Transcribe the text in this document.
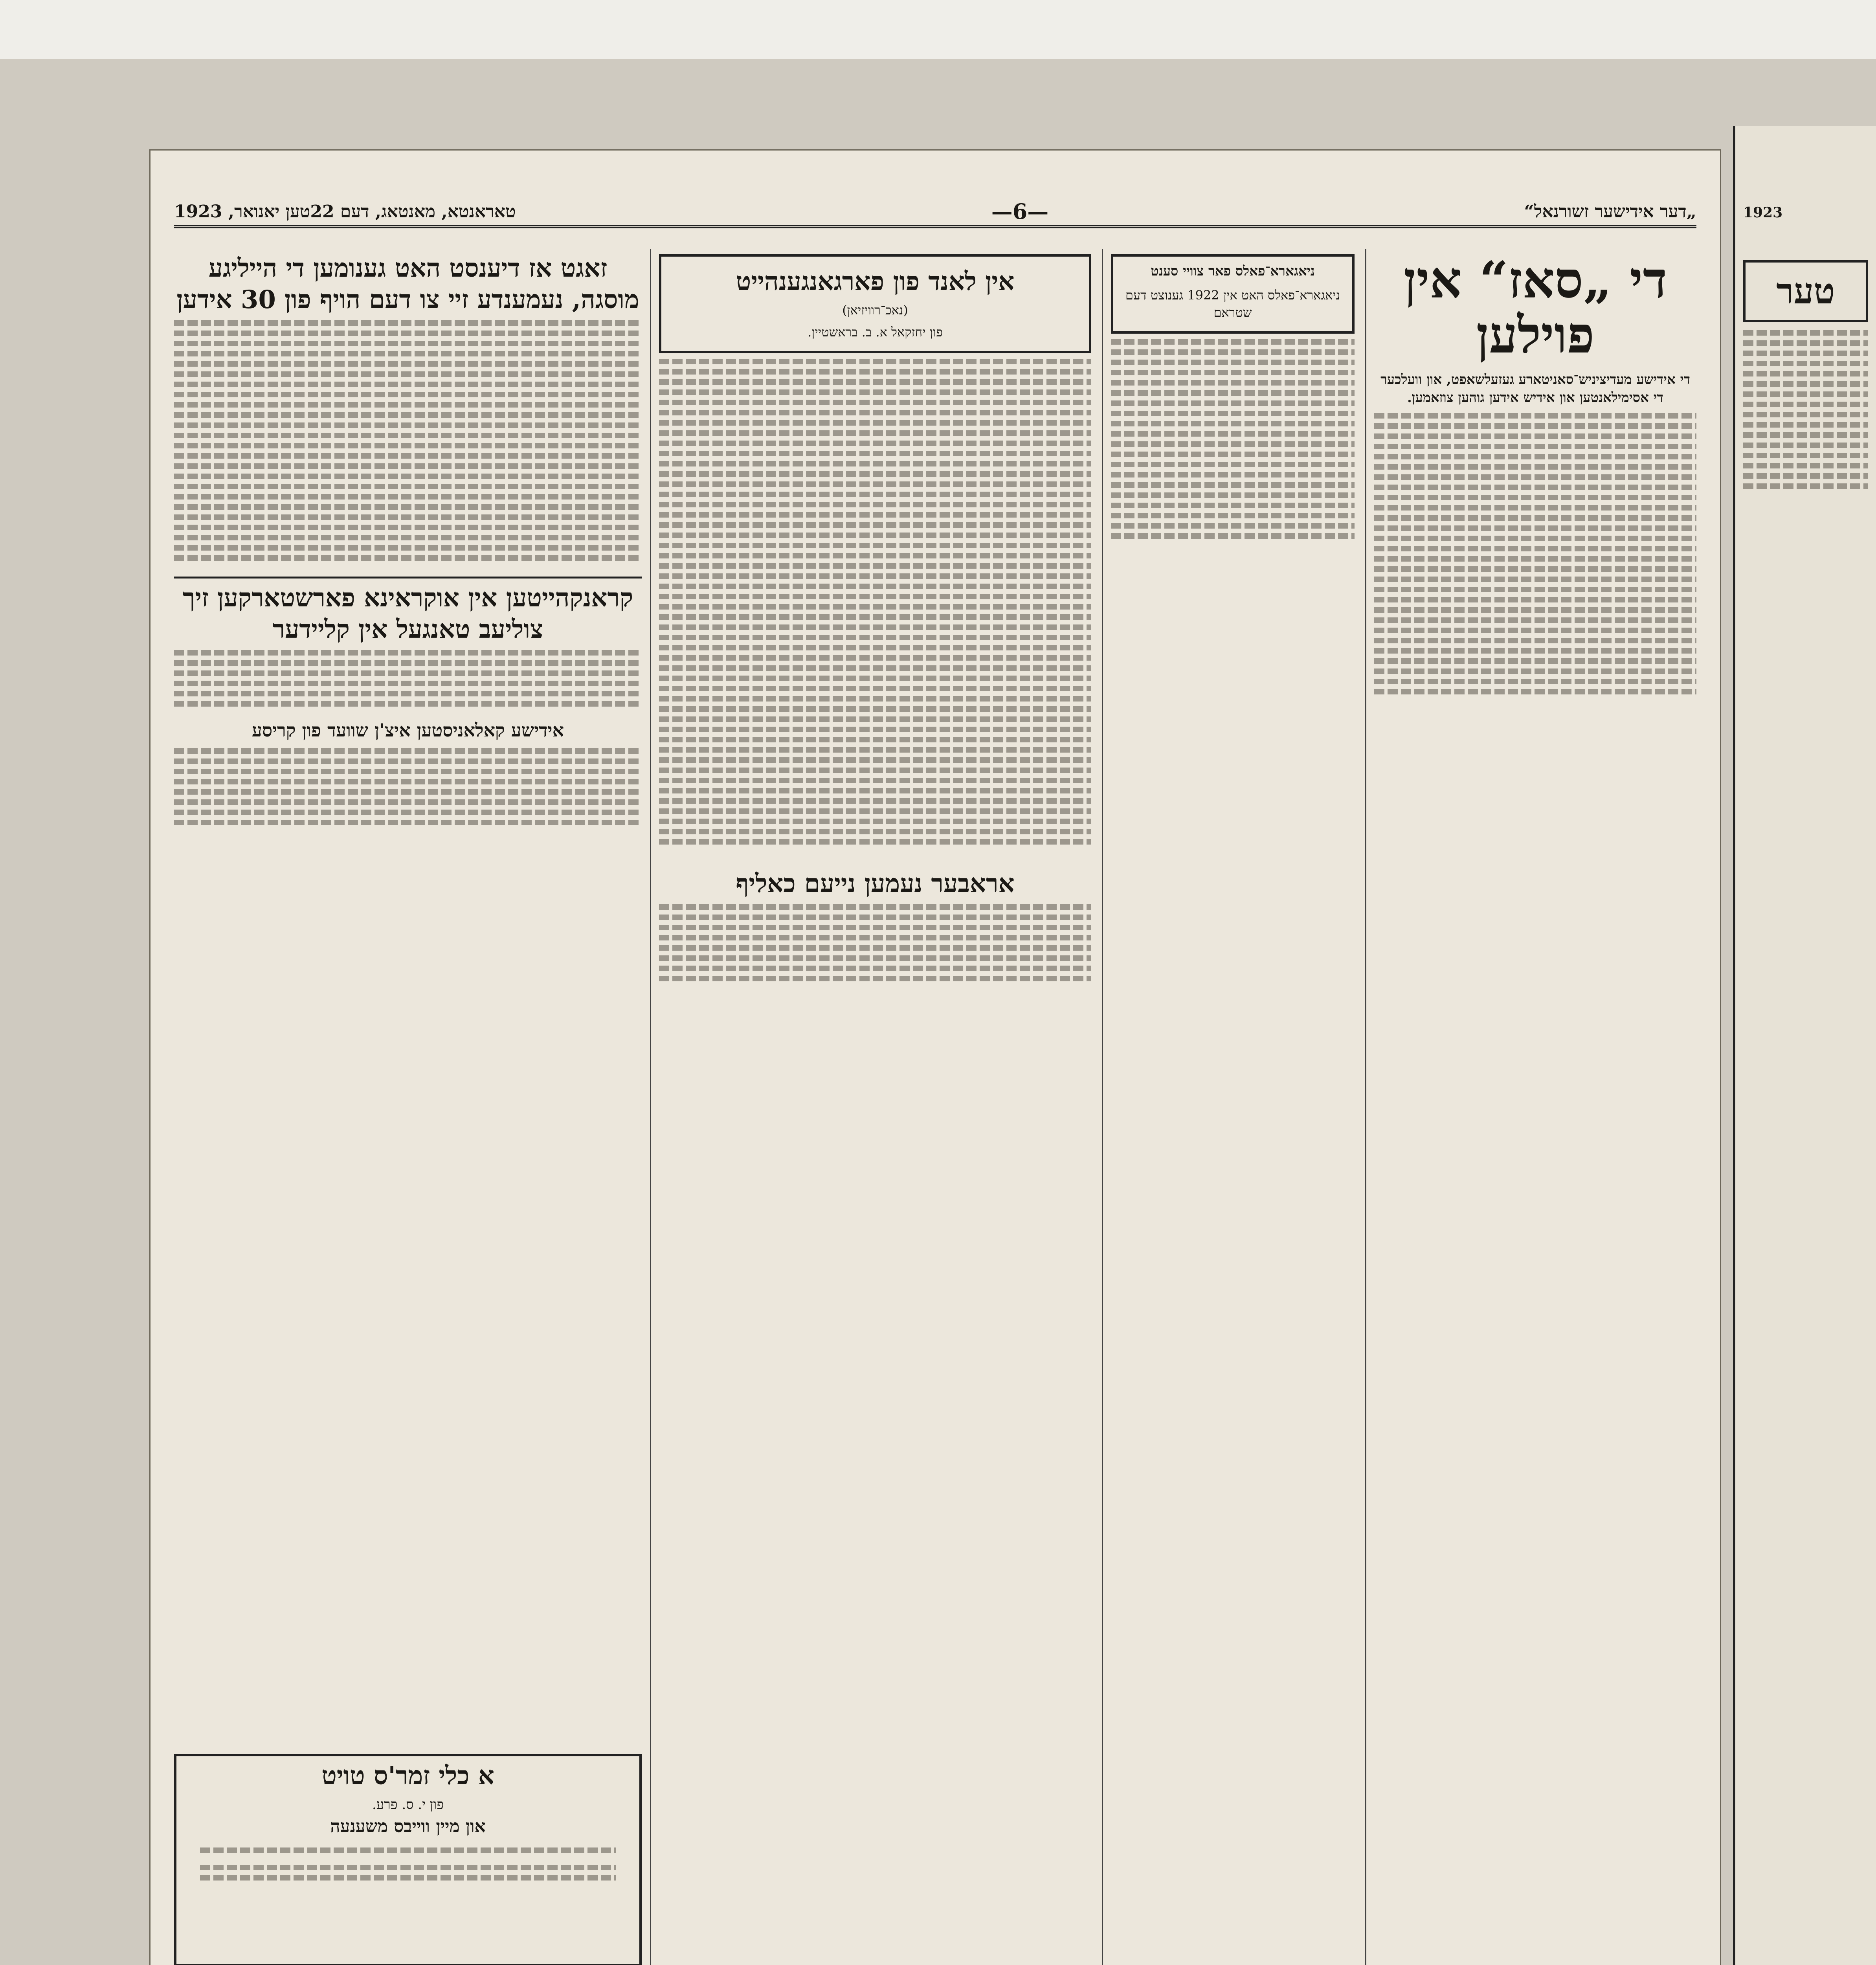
„דער אידישער זשורנאל“
—6—
טאראנטא, מאנטאג, דעם 22טען יאנואר, 1923
די „סאז“ אין פוילען
די אידישע מעדיציניש־סאניטארע געזעלשאפט, און וועלכער די אסימילאנטען און אידיש אידען גוהען צוזאמען.
ניאגארא־פאלס פאר צוויי סענט
ניאגארא־פאלס האט אין 1922 גענוצט דעם שטראם
אין לאנד פון פארגאנגענהייט
(נאכ־רוויזיאן)
פון יחזקאל א. ב. בראשטיין.
אראבער נעמען נייעם כאליף
זאגט אז דיענסט האט גענומען די הייליגע מוסגה, נעמענדע זיי צו דעם הויף פון 30 אידען
קראנקהייטען אין אוקראינא פארשטארקען זיך צוליעב טאנגעל אין קליידער
אידישע קאלאניסטען איצ'ן שוועד פון קריסע
א כלי זמר'ס טויט
פון י. ס. פרע.
און מיין ווייבס משענעה
1923
טער
